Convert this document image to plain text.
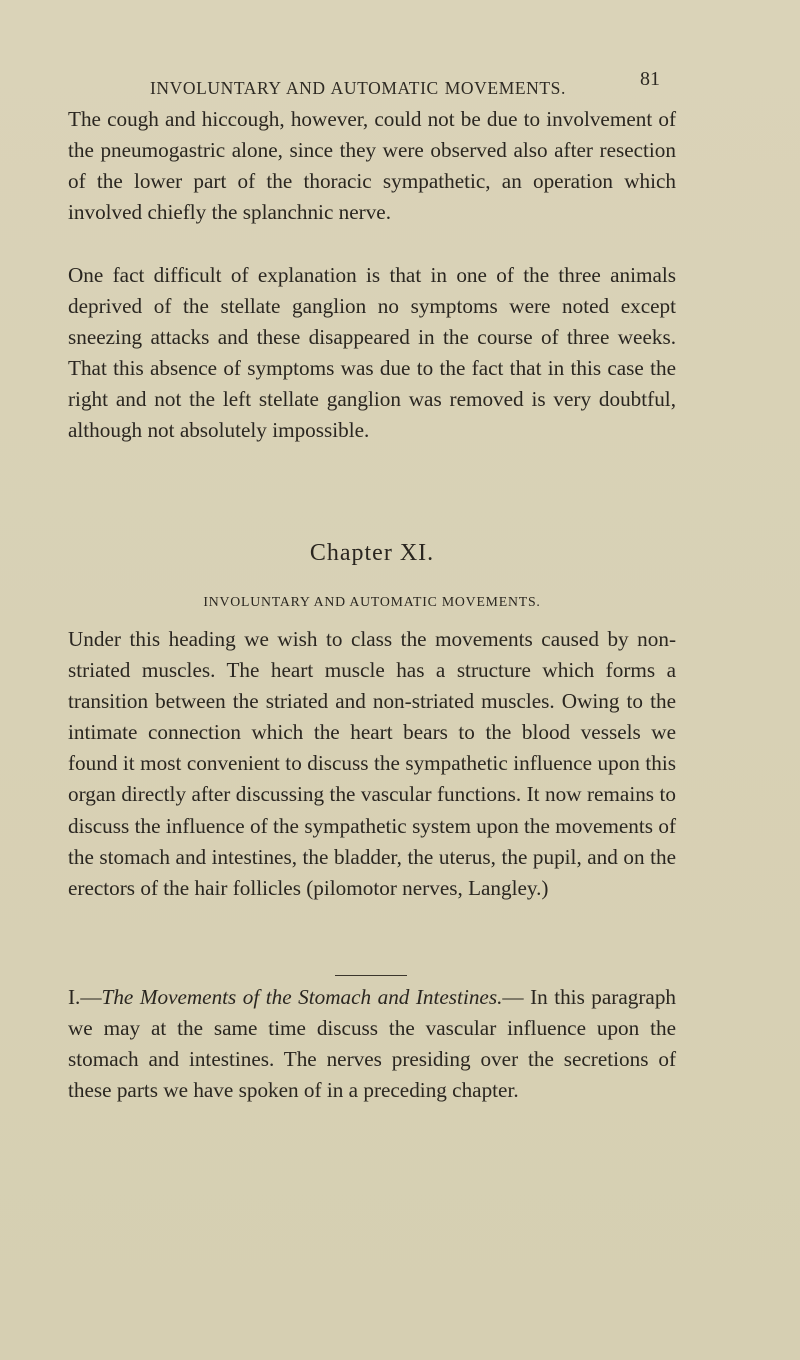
INVOLUNTARY AND AUTOMATIC MOVEMENTS.	81

The cough and hiccough, however, could not be due to involvement of the pneumogastric alone, since they were observed also after resection of the lower part of the thoracic sympathetic, an operation which involved chiefly the splanchnic nerve.

One fact difficult of explanation is that in one of the three animals deprived of the stellate ganglion no symptoms were noted except sneezing attacks and these disappeared in the course of three weeks. That this absence of symptoms was due to the fact that in this case the right and not the left stellate ganglion was removed is very doubtful, although not absolutely impossible.

Chapter XI.
INVOLUNTARY AND AUTOMATIC MOVEMENTS.

Under this heading we wish to class the movements caused by non-striated muscles. The heart muscle has a structure which forms a transition between the striated and non-striated muscles. Owing to the intimate connection which the heart bears to the blood vessels we found it most convenient to discuss the sympathetic influence upon this organ directly after discussing the vascular functions. It now remains to discuss the influence of the sympathetic system upon the movements of the stomach and intestines, the bladder, the uterus, the pupil, and on the erectors of the hair follicles (pilomotor nerves, Langley.)

I.—The Movements of the Stomach and Intestines.— In this paragraph we may at the same time discuss the vascular influence upon the stomach and intestines. The nerves presiding over the secretions of these parts we have spoken of in a preceding chapter.
